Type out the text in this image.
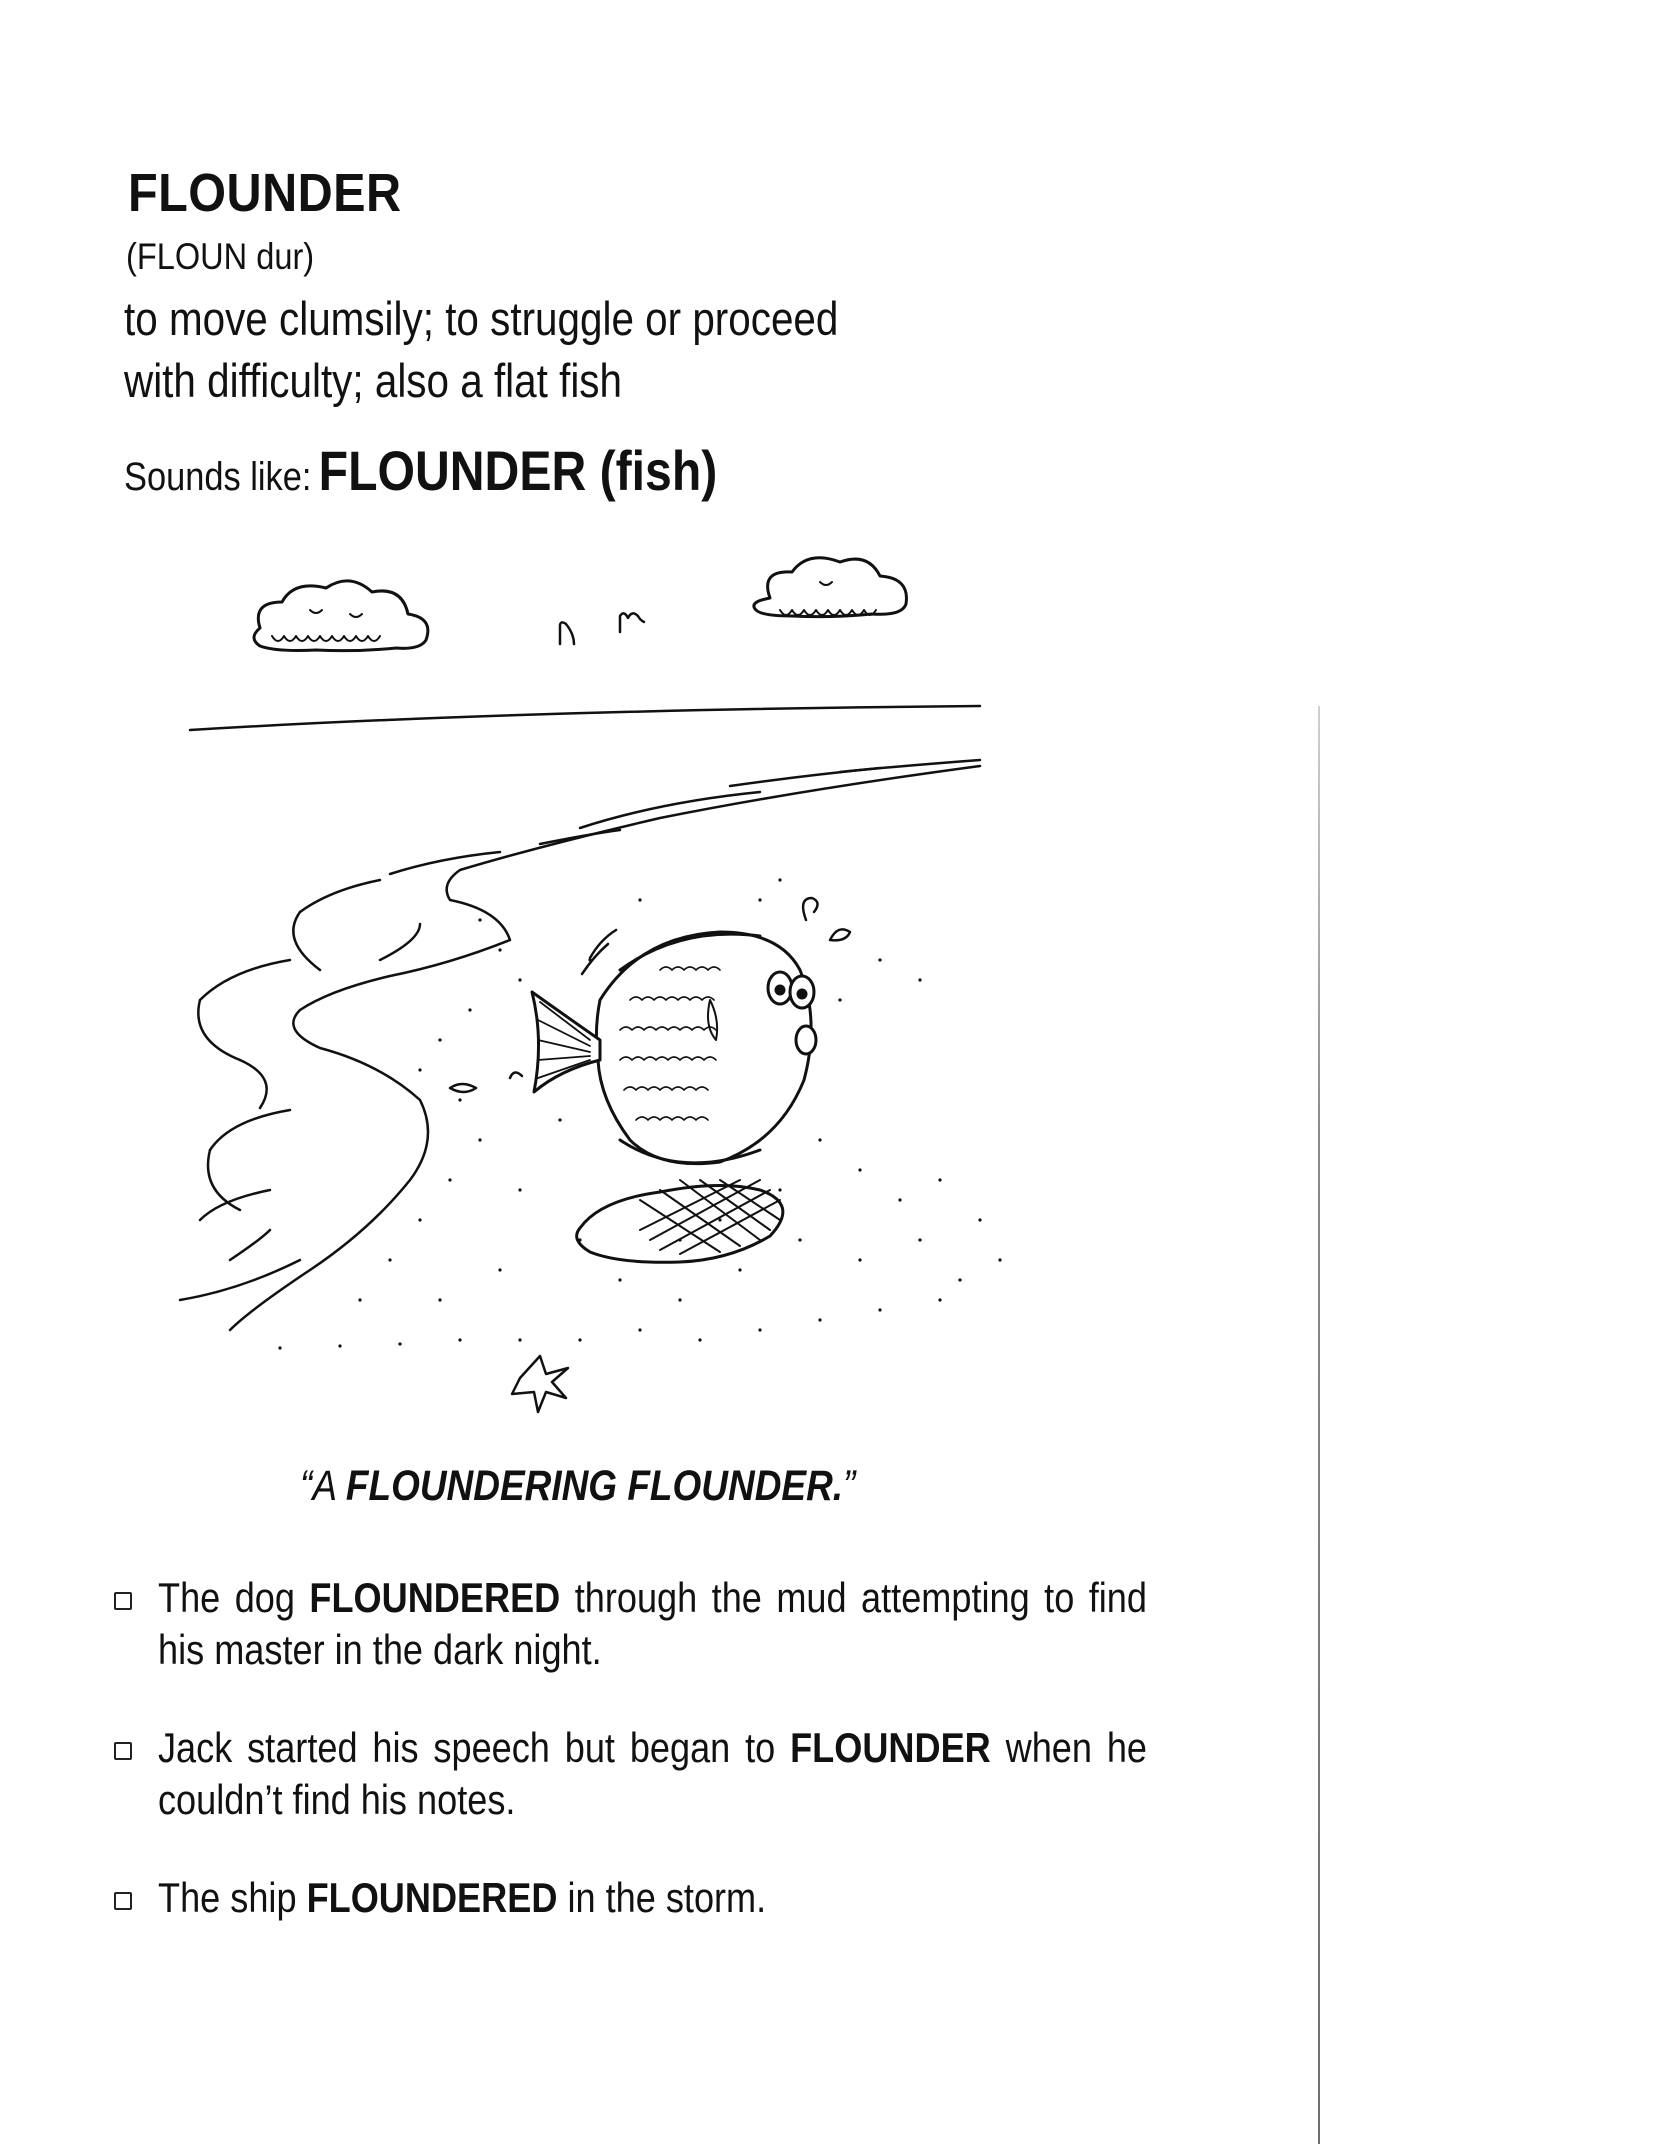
FLOUNDER
(FLOUN dur)
to move clumsily; to struggle or proceed
with difficulty; also a flat fish
Sounds like: FLOUNDER (fish)
“A FLOUNDERING FLOUNDER.”
The dog FLOUNDERED through the mud attempting to find his master in the dark night.
Jack started his speech but began to FLOUNDER when he couldn’t find his notes.
The ship FLOUNDERED in the storm.
